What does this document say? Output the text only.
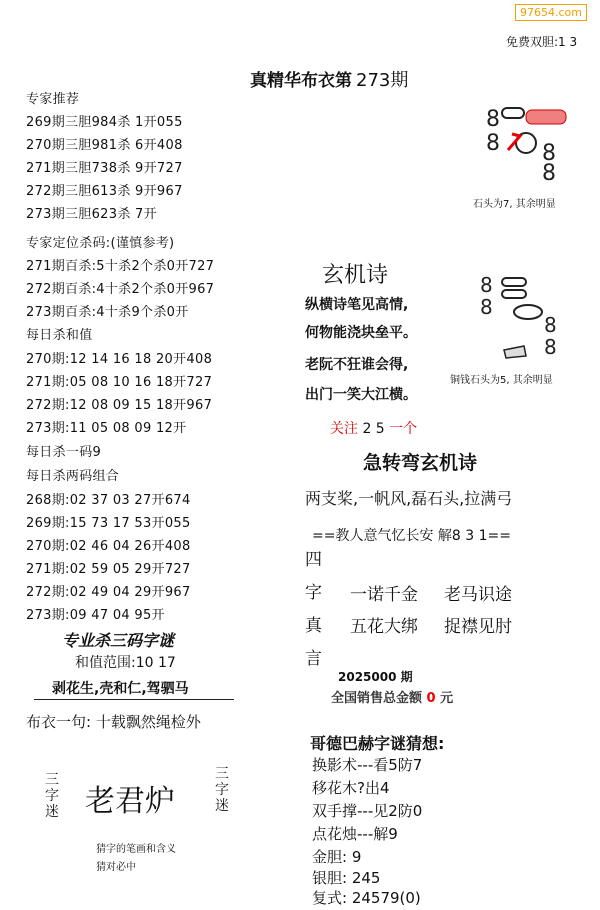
97654.com
免费双胆:1 3
真精华布衣第 273期
专家推荐
269期三胆984杀 1开055
270期三胆981杀 6开408
271期三胆738杀 9开727
272期三胆613杀 9开967
273期三胆623杀 7开
专家定位杀码:(谨慎参考)
271期百杀:5十杀2个杀0开727
272期百杀:4十杀2个杀0开967
273期百杀:4十杀9个杀0开
每日杀和值
270期:12 14 16 18 20开408
271期:05 08 10 16 18开727
272期:12 08 09 15 18开967
273期:11 05 08 09 12开
每日杀一码9
每日杀两码组合
268期:02 37 03 27开674
269期:15 73 17 53开055
270期:02 46 04 26开408
271期:02 59 05 29开727
272期:02 49 04 29开967
273期:09 47 04 95开
专业杀三码字谜
和值范围:10 17
剥花生,壳和仁,驾驷马
布衣一句: 十载飘然绳检外
三
字
迷 老君炉
三
字
迷
猜字的笔画和含义
猜对必中
8
8 8
8
石头为7, 其余明显
8
8
8
8
铜钱石头为5, 其余明显
玄机诗
纵横诗笔见高情,
何物能浇块垒平。
老阮不狂谁会得,
出门一笑大江横。
关注 2 5 一个
急转弯玄机诗
两支桨,一帆风,磊石头,拉满弓
==教人意气忆长安 解8 3 1==
四
字
真
言
一诺千金 老马识途
五花大绑 捉襟见肘
2025000 期
全国销售总金额 0 元
哥德巴赫字谜猜想:
换影术---看5防7
移花木?出4
双手撑---见2防0
点花烛---解9
金胆: 9
银胆: 245
复式: 24579(0)
